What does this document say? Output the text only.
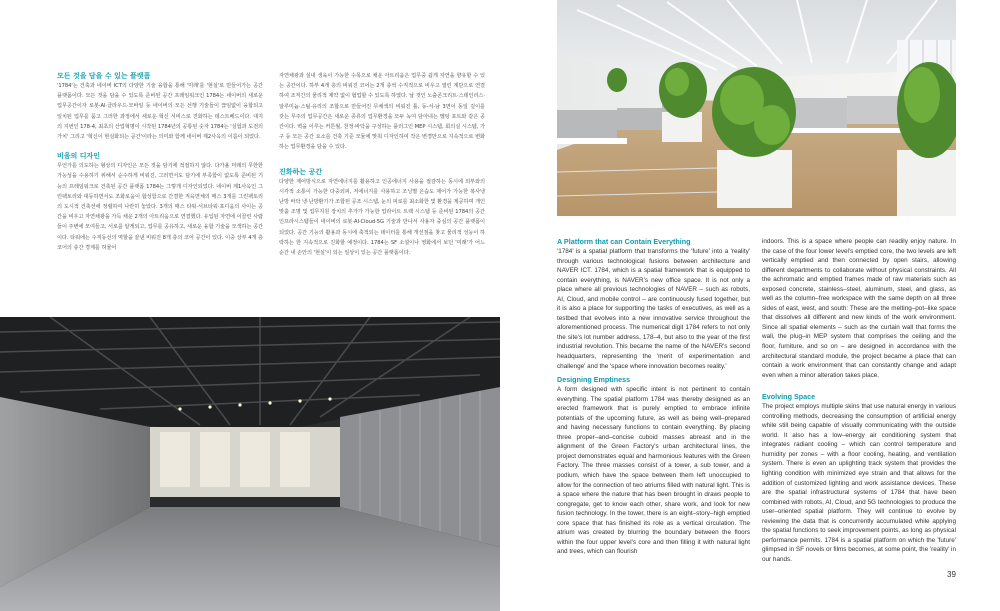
모든 것을 담을 수 있는 플랫폼

'1784'는 건축과 네이버 ICT의 다양한 기술 융합을 통해 '미래'를 '현실'로 만들어가는 공간 플랫폼이다. 모든 것을 담을 수 있도록 준비된 공간 프레임워크인 1784는 네이버의 새로운 업무공간이자 로봇·AI·클라우드·모바일 등 네이버의 모든 선행 기술들이 끊임없이 융합되고 일치된 업무를 품고 그러한 과정에서 새로운 혁신 서비스로 진화하는 테스트베드이다. 대지의 지번인 178-4, 최초의 산업혁명이 시작된 1784년의 공통된 숫자 1784는 '실험과 도전의 가치' 그리고 '혁신이 현실화되는 공간'이라는 의미와 함께 네이버 제2사옥의 이름이 되었다.

비움의 디자인

무언가를 의도하는 형상의 디자인은 모든 것을 담기에 적절하지 않다. 다가올 미래의 무한한 가능성을 수용하기 위해서 순수하게 비워진, 그러면서도 담기에 부족함이 없도록 준비된 기능의 프레임워크로 건축된 공간 플랫폼 1784는 그렇게 디자인되었다. 네이버 제1사옥인 그린팩토리와 대등하면서도 조화로움이 합성함으로 간결한 직육면체의 매스 3개를 그린팩토리의 도시적 건축선에 정렬하여 나란히 놓았다. 3개의 매스 타워·서브타워·포디움의 사이는 공간을 비우고 자연채광을 가득 채운 2개의 아트리움으로 연결했다. 유입된 자연에 이끌린 사람들이 주변에 모여들고, 서로를 알게되고, 업무를 공유하고, 새로운 융합 기술을 모색하는 공간이다. 타워에는 수직동선의 역할을 끝낸 비워진 8개 층의 코어 공간이 있다. 이중 상부 4개 층 코어의 층간 경계를 허물어

자연채광과 실내 생육이 가능한 수목으로 채운 아트리움은 업무중 쉽게 자연을 향유할 수 있는 공간이다. 하부 4개 층의 비워진 코어는 2개 층씩 수직적으로 비우고 열린 계단으로 연결하여 조직간의 물리적 제약 없이 협업할 수 있도록 하였다. 날 것인 노출콘크리트·스테인리스·알루미늄·스틸·유리의 조합으로 만들어진 무채색의 비워진 틀, 동-서-남 3면이 동일 깊이를 갖는 무주의 업무공간은 새로운 종류의 업무환경을 모두 녹여 담아내는 멜팅 포트와 같은 공간이다. 벽을 이루는 커튼월, 천정·바닥을 구성하는 플러그인 MEP 시스템, 회의실 시스템, 가구 등 모든 공간 요소를 건축 기준 모듈에 맞춰 디자인하여 작은 변경만으로 지속적으로 변화하는 업무환경을 담을 수 있다.

진화하는 공간

다양한 제어방식으로 자연에너지를 활용하고 인공에너지 사용을 절감하는 동시에 외부와의 시각적 소통이 가능한 다중외피, 저에너지를 사용하고 조닝별 온습도 제어가 가능한 복사냉난방 바닥 냉·난방환기가 조합된 공조 시스템, 눈의 피로를 최소화한 빛 환경을 제공하며 개인 맞춤 조명 및 업무지원 장치의 추가가 가능한 업라이트 트랙 시스템 등 준비된 1784의 공간 인프라시스템들이 네이버의 로봇·AI·Cloud·5G 기술과 만나서 사용자 중심의 공간 플랫폼이 되었다. 공간 기능의 활용과 동시에 축적되는 데이터를 통해 개선점을 찾고 물리적 성능이 하락하는 한 지속적으로 진화할 예정이다. 1784는 SF 소설이나 영화에서 보던 '미래'가 어느 순간 내 손안의 '현실'이 되는 일상이 있는 공간 플랫폼이다.

A Platform that can Contain Everything

'1784' is a spatial platform that transforms the 'future' into a 'reality' through various technological fusions between architecture and NAVER ICT. 1784, which is a spatial framework that is equipped to contain everything, is NAVER's new office space. It is not only a place where all previous technologies of NAVER – such as robots, AI, Cloud, and mobile control – are continuously fused together, but it is also a place for supporting the tasks of executives, as well as a testbed that evolves into a new innovative service throughout the aforementioned process. The numerical digit 1784 refers to not only the site's lot number address, 178–4, but also to the year of the first industrial revolution. This became the name of the NAVER's second headquarters, representing the 'merit of experimentation and challenge' and the 'space where innovation becomes reality.'

Designing Emptiness

A form designed with specific intent is not pertinent to contain everything. The spatial platform 1784 was thereby designed as an erected framework that is purely emptied to embrace infinite potentials of the upcoming future, as well as being well–prepared and having necessary functions to contain everything. By placing three proper–and–concise cuboid masses abreast and in the alignment of the Green Factory's urban architectural lines, the project demonstrates equal and harmonious features with the Green Factory. The three masses consist of a tower, a sub tower, and a podium, which have the space between them left unoccupied to allow for the connection of two atriums filled with natural light. This is a space where the nature that has been brought in draws people to congregate, get to know each other, share work, and look for new fusion technology. In the tower, there is an eight–story–high emptied core space that has finished its role as a vertical circulation. The atrium was created by blurring the boundary between the floors within the four upper level's core and then filling it with natural light and trees, which can flourish

indoors. This is a space where people can readily enjoy nature. In the case of the four lower level's emptied core, the two levels are left vertically emptied and then connected by open stairs, allowing different departments to collaborate without physical constraints. All the achromatic and emptied frames made of raw materials such as exposed concrete, stainless–steel, aluminum, steel, and glass, as well as the column–free workspace with the same depth on all three sides of east, west, and south: These are the melting–pot–like space that dissolves all different and new kinds of the work environment. Since all spatial elements – such as the curtain wall that forms the wall, the plug–in MEP system that comprises the ceiling and the floor, furniture, and so on – are designed in accordance with the architectural standard module, the project became a place that can contain a work environment that can constantly change and adapt even when a minor alteration takes place.

Evolving Space

The project employs multiple skins that use natural energy in various controlling methods, decreasing the consumption of artificial energy while still being capable of visually communicating with the outside world. It also has a low–energy air conditioning system that integrates radiant cooling – which can control temperature and humidity per zones – with a floor cooling, heating, and ventilation system. There is even an uplighting track system that provides the lighting condition with minimized eye strain and that allows for the addition of customized lighting and work assistance devices. These are the spatial infrastructural systems of 1784 that have been combined with robots, AI, Cloud, and 5G technologies to produce the user–oriented spatial platform. They will continue to evolve by reviewing the data that is concurrently accumulated while applying the spatial functions to seek improvement points, as long as physical performance permits. 1784 is a spatial platform on which the 'future' glimpsed in SF novels or films becomes, at some point, the 'reality' in our hands.

39
